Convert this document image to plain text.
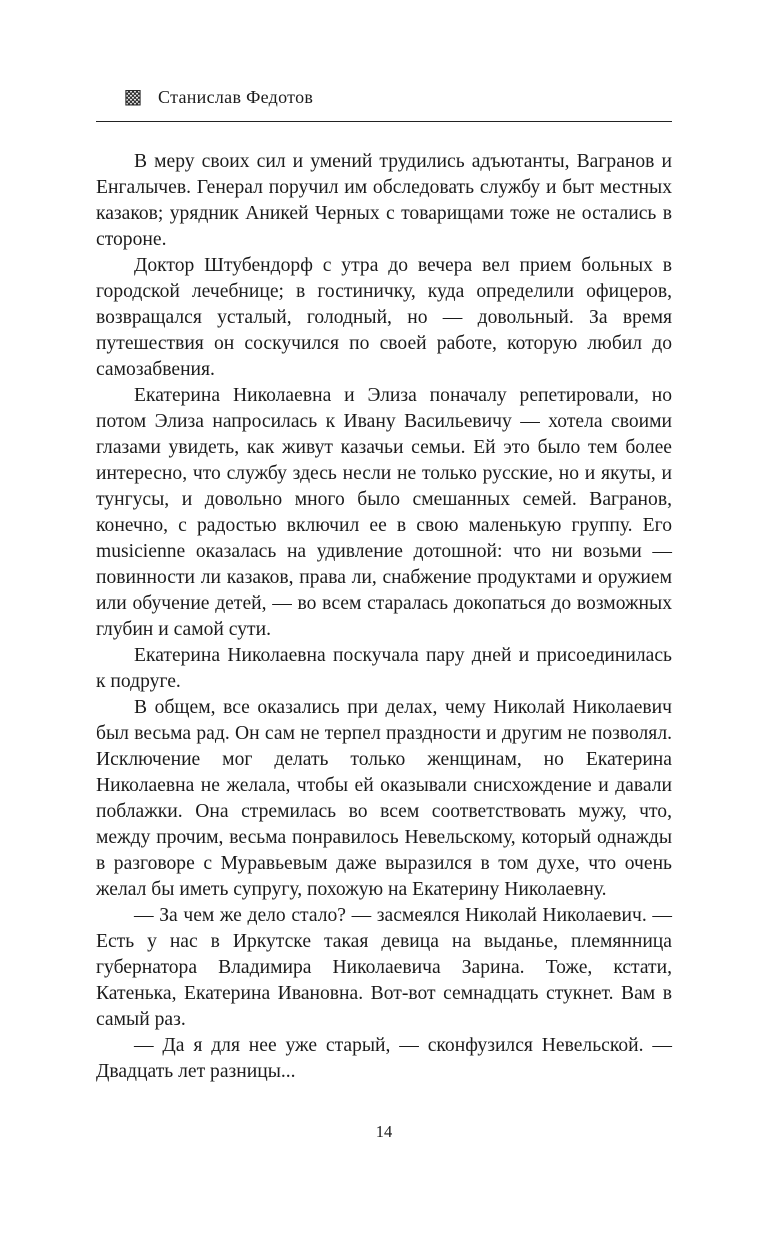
▩ Станислав Федотов

В меру своих сил и умений трудились адъютанты, Вагранов и Енгалычев. Генерал поручил им обследовать службу и быт местных казаков; урядник Аникей Черных с товарищами тоже не остались в стороне.

Доктор Штубендорф с утра до вечера вел прием больных в городской лечебнице; в гостиничку, куда определили офицеров, возвращался усталый, голодный, но — довольный. За время путешествия он соскучился по своей работе, которую любил до самозабвения.

Екатерина Николаевна и Элиза поначалу репетировали, но потом Элиза напросилась к Ивану Васильевичу — хотела своими глазами увидеть, как живут казачьи семьи. Ей это было тем более интересно, что службу здесь несли не только русские, но и якуты, и тунгусы, и довольно много было смешанных семей. Вагранов, конечно, с радостью включил ее в свою маленькую группу. Его musicienne оказалась на удивление дотошной: что ни возьми — повинности ли казаков, права ли, снабжение продуктами и оружием или обучение детей, — во всем старалась докопаться до возможных глубин и самой сути.

Екатерина Николаевна поскучала пару дней и присоединилась к подруге.

В общем, все оказались при делах, чему Николай Николаевич был весьма рад. Он сам не терпел праздности и другим не позволял. Исключение мог делать только женщинам, но Екатерина Николаевна не желала, чтобы ей оказывали снисхождение и давали поблажки. Она стремилась во всем соответствовать мужу, что, между прочим, весьма понравилось Невельскому, который однажды в разговоре с Муравьевым даже выразился в том духе, что очень желал бы иметь супругу, похожую на Екатерину Николаевну.

— За чем же дело стало? — засмеялся Николай Николаевич. — Есть у нас в Иркутске такая девица на выданье, племянница губернатора Владимира Николаевича Зарина. Тоже, кстати, Катенька, Екатерина Ивановна. Вот-вот семнадцать стукнет. Вам в самый раз.

— Да я для нее уже старый, — сконфузился Невельской. — Двадцать лет разницы...

14
